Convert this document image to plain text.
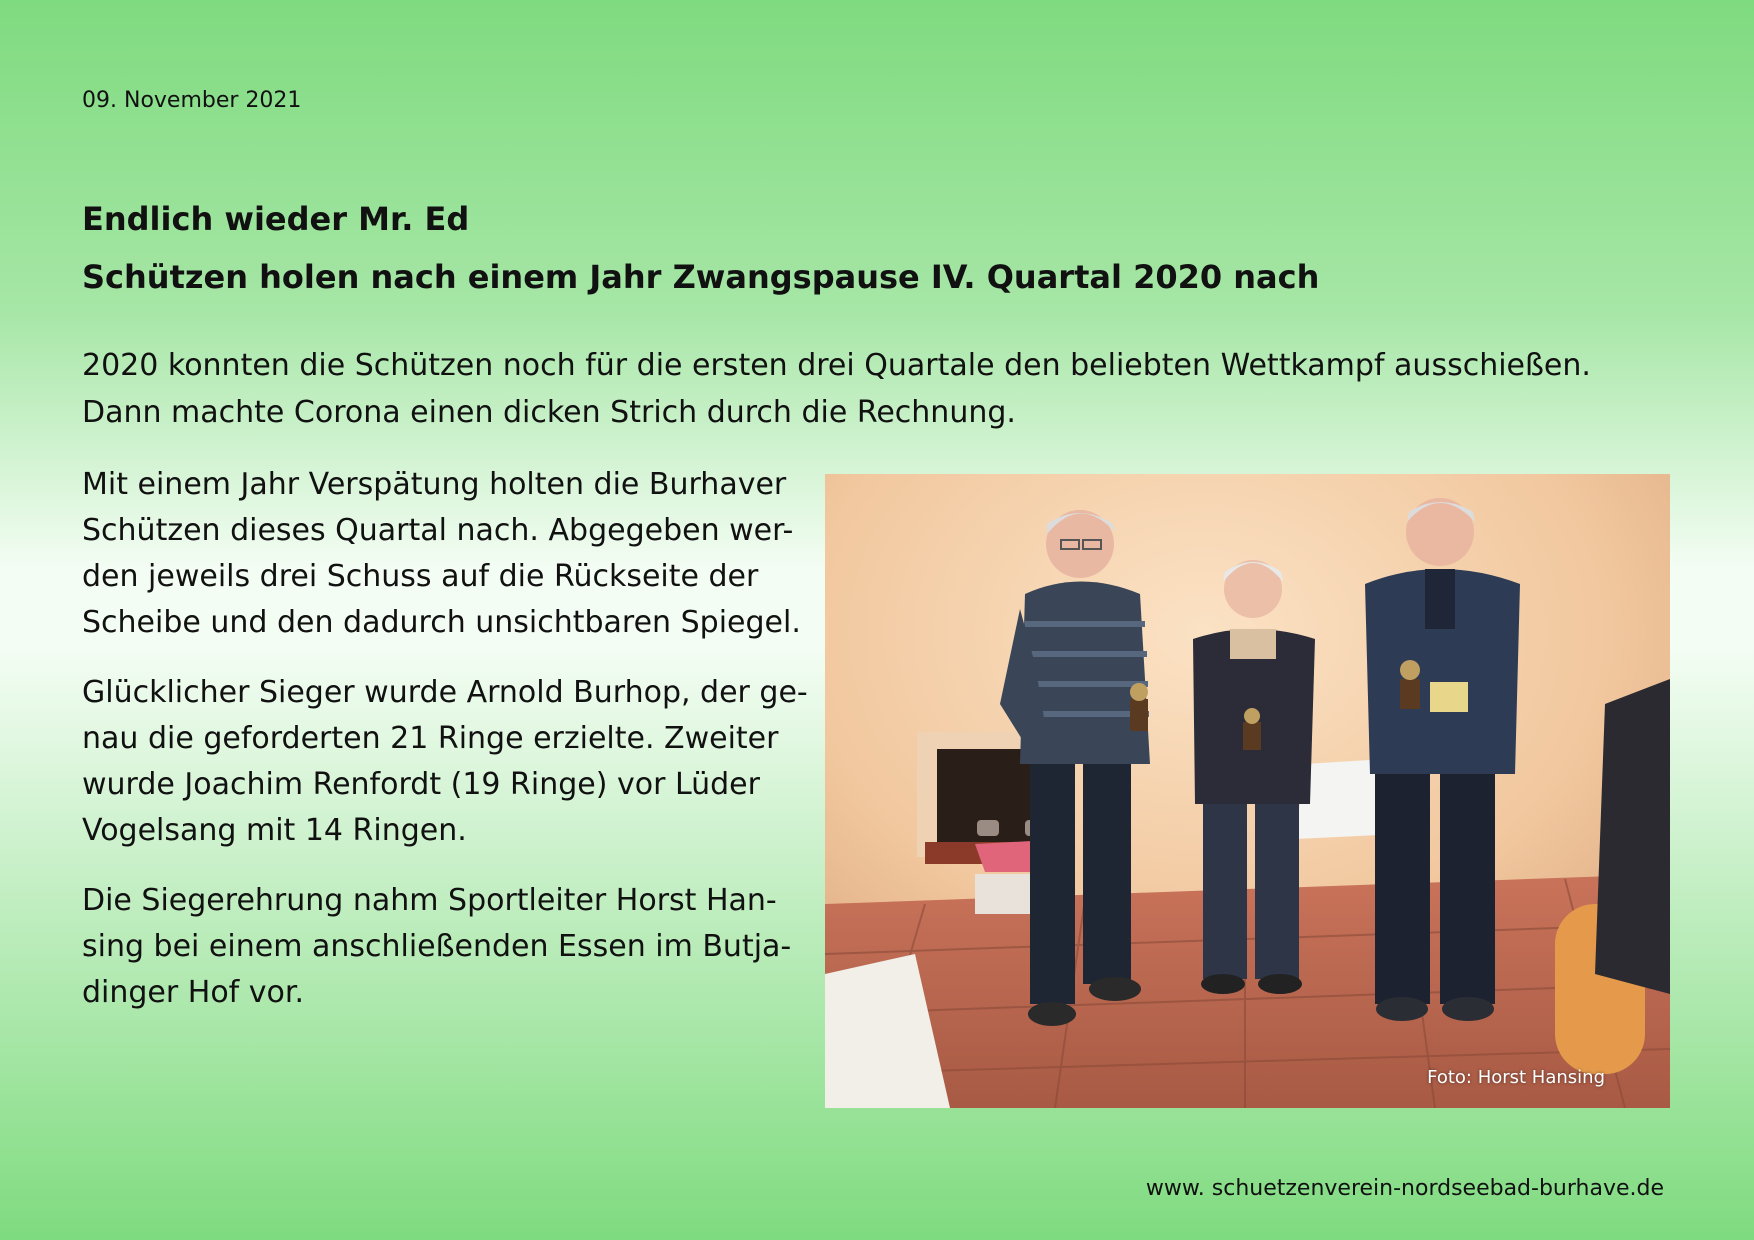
09. November 2021
Endlich wieder Mr. Ed
Schützen holen nach einem Jahr Zwangspause IV. Quartal 2020 nach

2020 konnten die Schützen noch für die ersten drei Quartale den beliebten Wettkampf ausschießen.

Dann machte Corona einen dicken Strich durch die Rechnung.

Mit einem Jahr Verspätung holten die Burhaver Schützen dieses Quartal nach. Abgegeben wer-den jeweils drei Schuss auf die Rückseite der Scheibe und den dadurch unsichtbaren Spiegel.

Glücklicher Sieger wurde Arnold Burhop, der ge-nau die geforderten 21 Ringe erzielte. Zweiter wurde Joachim Renfordt (19 Ringe) vor Lüder Vogelsang mit 14 Ringen.

Die Siegerehrung nahm Sportleiter Horst Han-sing bei einem anschließenden Essen im Butja-dinger Hof vor.

Foto: Horst Hansing
www. schuetzenverein-nordseebad-burhave.de
